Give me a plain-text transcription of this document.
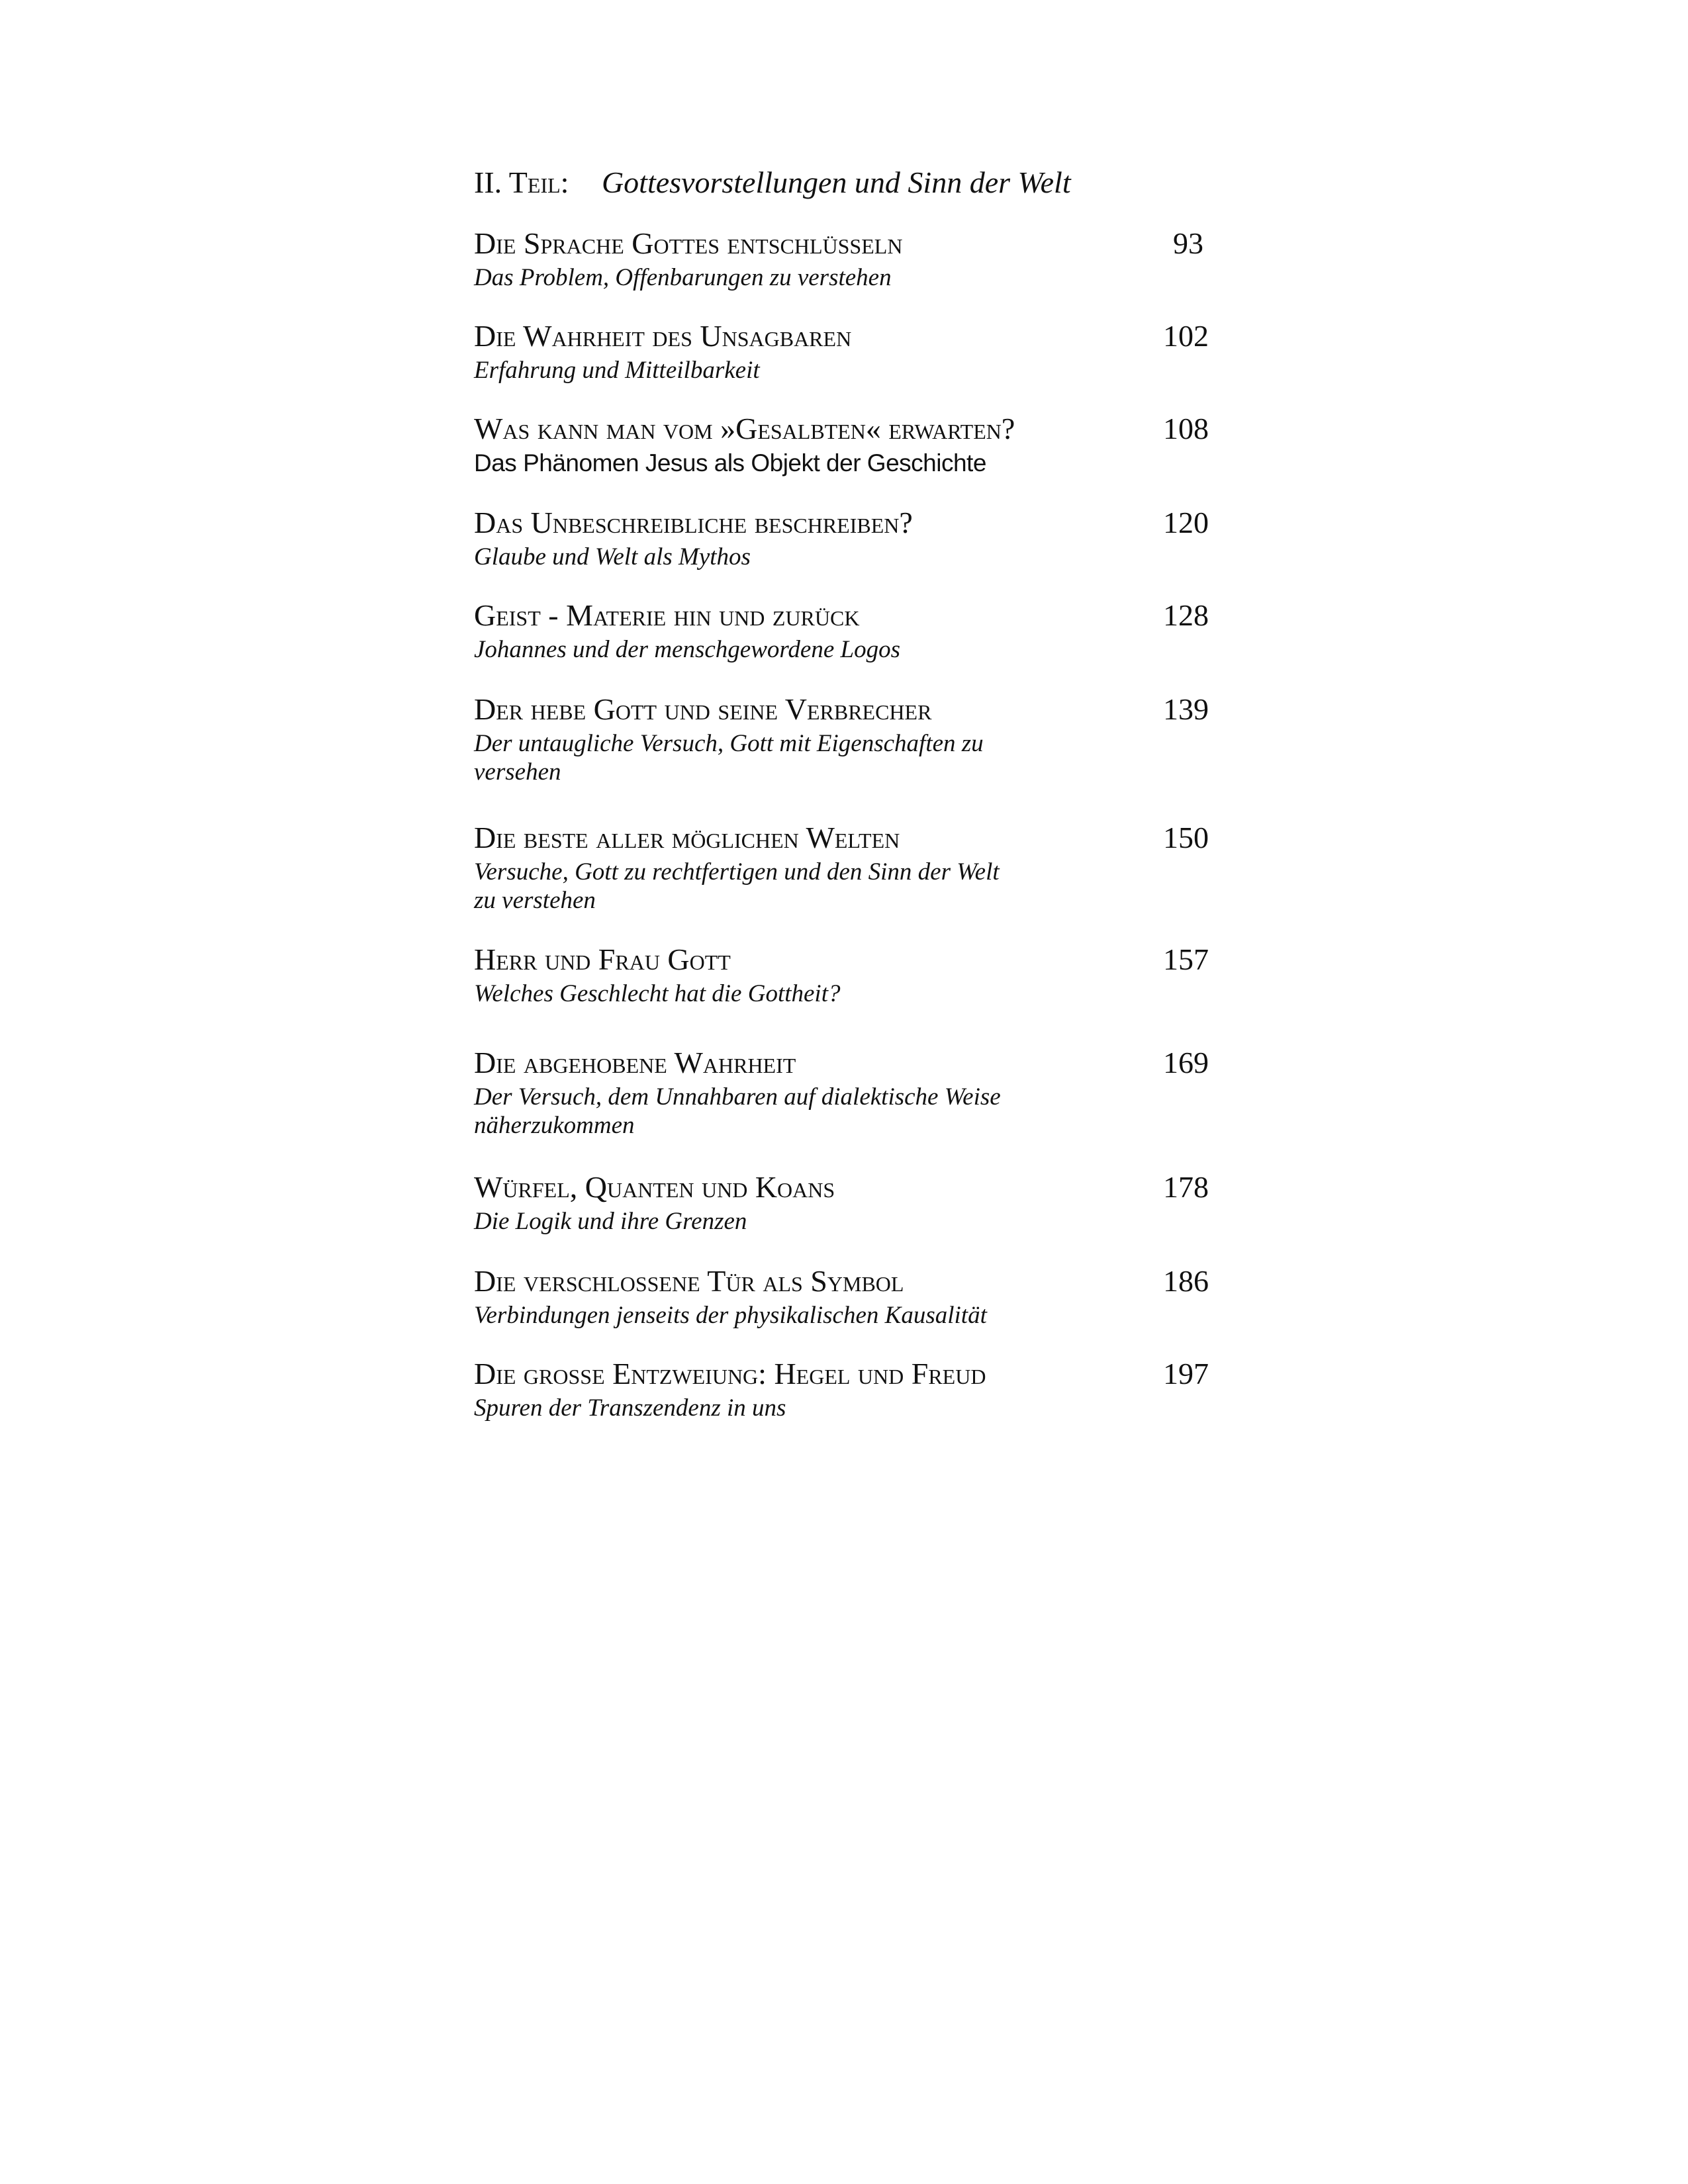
II. Teil: Gottesvorstellungen und Sinn der Welt
Die Sprache Gottes entschlüsseln	93
Das Problem, Offenbarungen zu verstehen
Die Wahrheit des Unsagbaren	102
Erfahrung und Mitteilbarkeit
Was kann man vom »Gesalbten« erwarten?	108
Das Phänomen Jesus als Objekt der Geschichte
Das Unbeschreibliche beschreiben?	120
Glaube und Welt als Mythos
Geist - Materie hin und zurück	128
Johannes und der menschgewordene Logos
Der hebe Gott und seine Verbrecher	139
Der untaugliche Versuch, Gott mit Eigenschaften zu versehen
Die beste aller möglichen Welten	150
Versuche, Gott zu rechtfertigen und den Sinn der Welt zu verstehen
Herr und Frau Gott	157
Welches Geschlecht hat die Gottheit?
Die abgehobene Wahrheit	169
Der Versuch, dem Unnahbaren auf dialektische Weise näherzukommen
Würfel, Quanten und Koans	178
Die Logik und ihre Grenzen
Die verschlossene Tür als Symbol	186
Verbindungen jenseits der physikalischen Kausalität
Die grosse Entzweiung: Hegel und Freud	197
Spuren der Transzendenz in uns
